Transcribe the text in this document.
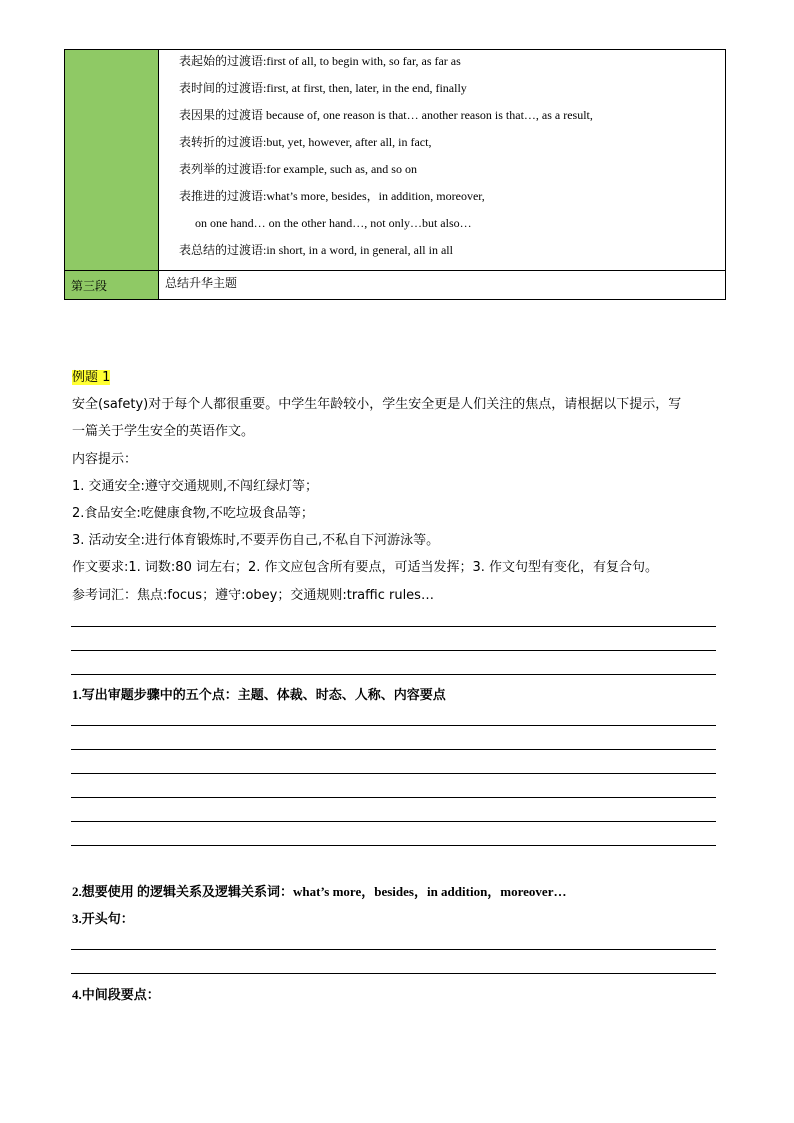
表起始的过渡语:first of all, to begin with, so far, as far as
表时间的过渡语:first, at first, then, later, in the end, finally
表因果的过渡语 because of, one reason is that… another reason is that…, as a result,
表转折的过渡语:but, yet, however, after all, in fact,
表列举的过渡语:for example, such as, and so on
表推进的过渡语:what’s more, besides，in addition, moreover,
on one hand… on the other hand…, not only…but also…
表总结的过渡语:in short, in a word, in general, all in all
第三段	总结升华主题
例题 1
安全(safety)对于每个人都很重要。中学生年龄较小，学生安全更是人们关注的焦点，请根据以下提示，写
一篇关于学生安全的英语作文。
内容提示：
1. 交通安全:遵守交通规则,不闯红绿灯等；
2.食品安全:吃健康食物,不吃垃圾食品等；
3. 活动安全:进行体育锻炼时,不要弄伤自己,不私自下河游泳等。
作文要求:1. 词数:80 词左右；2. 作文应包含所有要点，可适当发挥；3. 作文句型有变化，有复合句。
参考词汇：焦点:focus；遵守:obey；交通规则:traffic rules…
1.写出审题步骤中的五个点：主题、体裁、时态、人称、内容要点
2.想要使用 的逻辑关系及逻辑关系词：what’s more，besides，in addition，moreover…
3.开头句：
4.中间段要点：
